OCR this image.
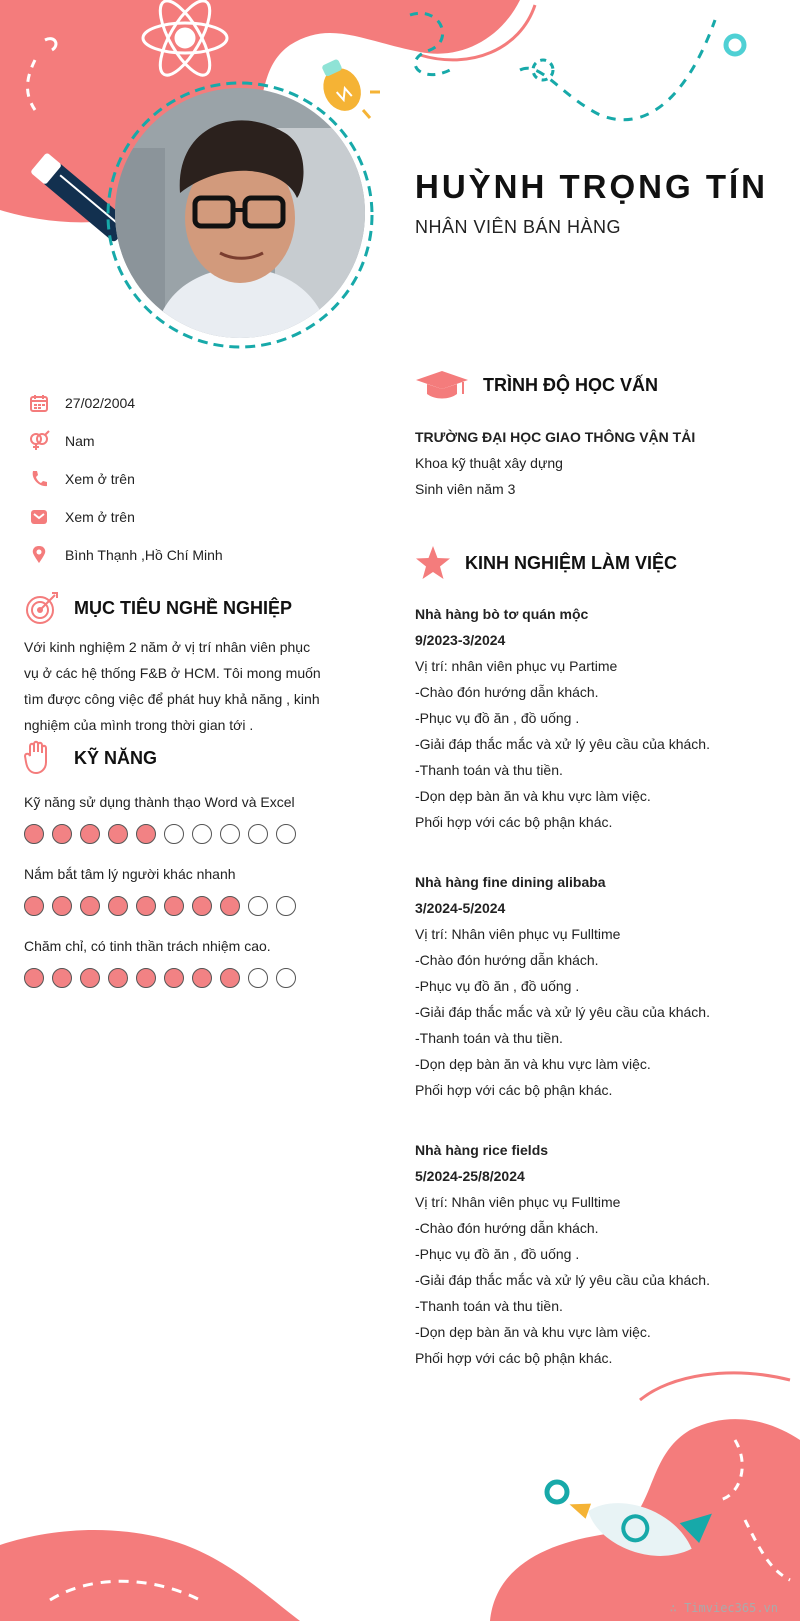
HUỲNH TRỌNG TÍN
NHÂN VIÊN BÁN HÀNG
27/02/2004
Nam
Xem ở trên
Xem ở trên
Bình Thạnh ,Hồ Chí Minh
MỤC TIÊU NGHỀ NGHIỆP
Với kinh nghiệm 2 năm ở vị trí nhân viên phục vụ ở các hệ thống F&B ở HCM. Tôi mong muốn tìm được công việc để phát huy khả năng , kinh nghiệm của mình trong thời gian tới .
KỸ NĂNG
Kỹ năng sử dụng thành thạo Word và Excel
Nắm bắt tâm lý người khác nhanh
Chăm chỉ, có tinh thần trách nhiệm cao.
TRÌNH ĐỘ HỌC VẤN
TRƯỜNG ĐẠI HỌC GIAO THÔNG VẬN TẢI
Khoa kỹ thuật xây dựng
Sinh viên năm 3
KINH NGHIỆM LÀM VIỆC
Nhà hàng bò tơ quán mộc
9/2023-3/2024
Vị trí: nhân viên phục vụ Partime
-Chào đón hướng dẫn khách.
-Phục vụ đồ ăn , đồ uống .
-Giải đáp thắc mắc và xử lý yêu cầu của khách.
-Thanh toán và thu tiền.
-Dọn dẹp bàn ăn và khu vực làm việc.
Phối hợp với các bộ phận khác.
Nhà hàng fine dining alibaba
3/2024-5/2024
Vị trí: Nhân viên phục vụ Fulltime
-Chào đón hướng dẫn khách.
-Phục vụ đồ ăn , đồ uống .
-Giải đáp thắc mắc và xử lý yêu cầu của khách.
-Thanh toán và thu tiền.
-Dọn dẹp bàn ăn và khu vực làm việc.
Phối hợp với các bộ phận khác.
Nhà hàng rice fields
5/2024-25/8/2024
Vị trí: Nhân viên phục vụ Fulltime
-Chào đón hướng dẫn khách.
-Phục vụ đồ ăn , đồ uống .
-Giải đáp thắc mắc và xử lý yêu cầu của khách.
-Thanh toán và thu tiền.
-Dọn dẹp bàn ăn và khu vực làm việc.
Phối hợp với các bộ phận khác.
∴ Timviec365.vn
